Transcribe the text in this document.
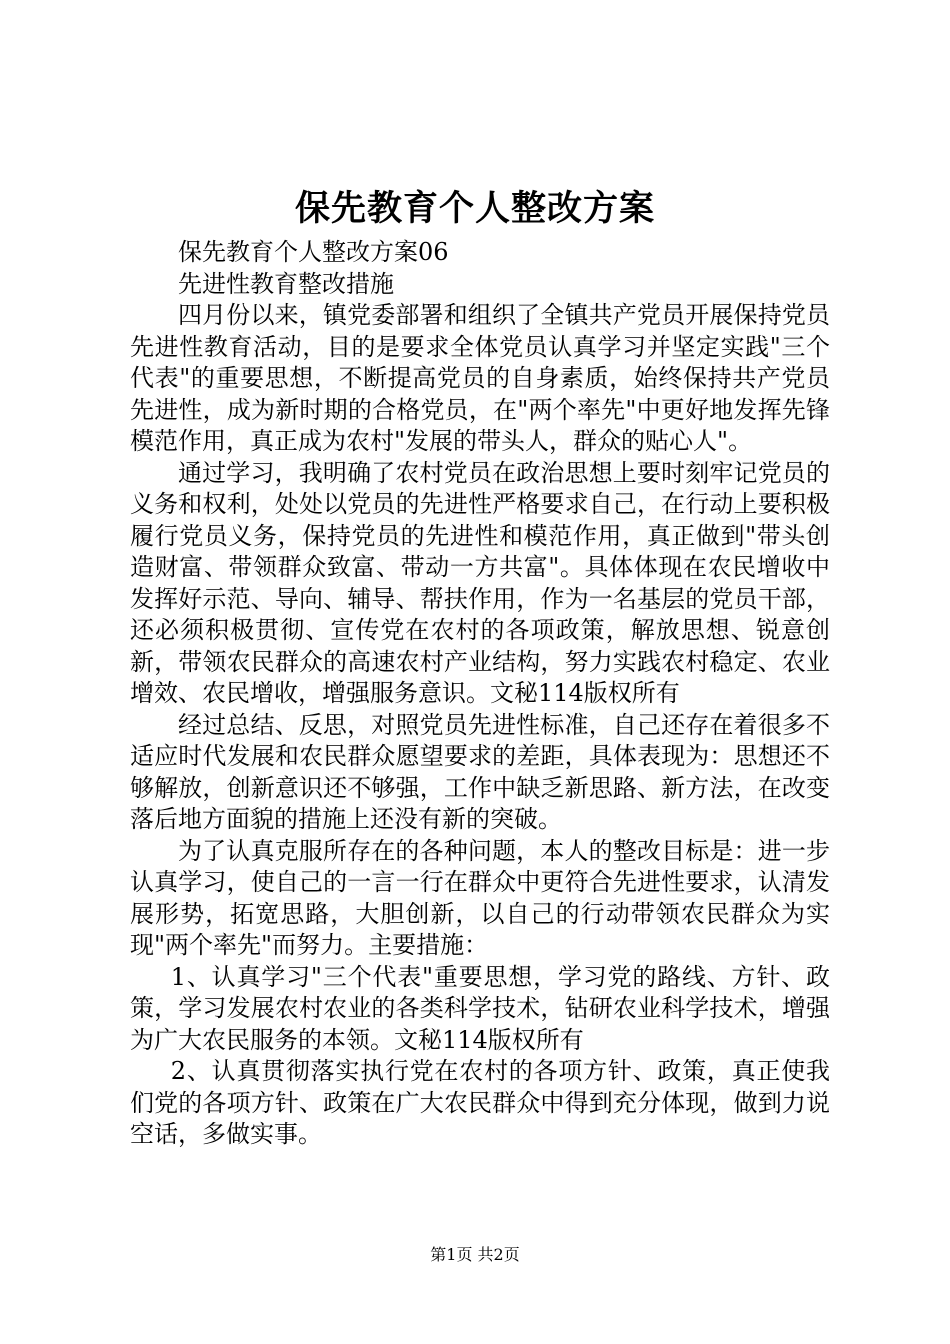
保先教育个人整改方案

保先教育个人整改方案06

先进性教育整改措施

四月份以来，镇党委部署和组织了全镇共产党员开展保持党员先进性教育活动，目的是要求全体党员认真学习并坚定实践"三个代表"的重要思想，不断提高党员的自身素质，始终保持共产党员先进性，成为新时期的合格党员，在"两个率先"中更好地发挥先锋模范作用，真正成为农村"发展的带头人，群众的贴心人"。

通过学习，我明确了农村党员在政治思想上要时刻牢记党员的义务和权利，处处以党员的先进性严格要求自己，在行动上要积极履行党员义务，保持党员的先进性和模范作用，真正做到"带头创造财富、带领群众致富、带动一方共富"。具体体现在农民增收中发挥好示范、导向、辅导、帮扶作用，作为一名基层的党员干部，还必须积极贯彻、宣传党在农村的各项政策，解放思想、锐意创新，带领农民群众的高速农村产业结构，努力实践农村稳定、农业增效、农民增收，增强服务意识。文秘114版权所有

经过总结、反思，对照党员先进性标准，自己还存在着很多不适应时代发展和农民群众愿望要求的差距，具体表现为：思想还不够解放，创新意识还不够强，工作中缺乏新思路、新方法，在改变落后地方面貌的措施上还没有新的突破。

为了认真克服所存在的各种问题，本人的整改目标是：进一步认真学习，使自己的一言一行在群众中更符合先进性要求，认清发展形势，拓宽思路，大胆创新，以自己的行动带领农民群众为实现"两个率先"而努力。主要措施：

1、认真学习"三个代表"重要思想，学习党的路线、方针、政策，学习发展农村农业的各类科学技术，钻研农业科学技术，增强为广大农民服务的本领。文秘114版权所有

2、认真贯彻落实执行党在农村的各项方针、政策，真正使我们党的各项方针、政策在广大农民群众中得到充分体现，做到力说空话，多做实事。

第1页 共2页
